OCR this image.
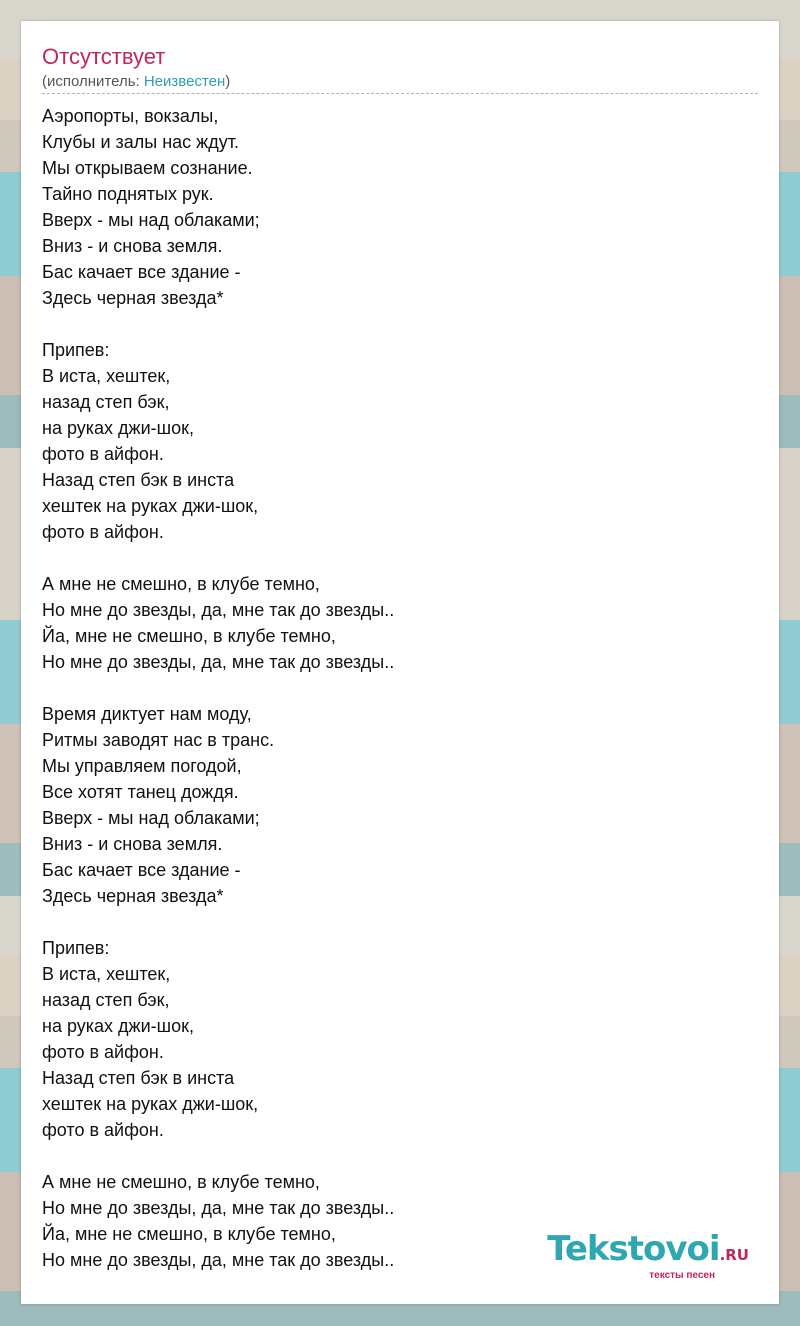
Отсутствует
(исполнитель: Неизвестен)
Аэропорты, вокзалы,
Клубы и залы нас ждут.
Мы открываем сознание.
Тайно поднятых рук.
Вверх - мы над облаками;
Вниз - и снова земля.
Бас качает все здание -
Здесь черная звезда*
Припев:
В иста, хештек,
назад степ бэк,
на руках джи-шок,
фото в айфон.
Назад степ бэк в инста
хештек на руках джи-шок,
фото в айфон.
А мне не смешно, в клубе темно,
Но мне до звезды, да, мне так до звезды..
Йа, мне не смешно, в клубе темно,
Но мне до звезды, да, мне так до звезды..
Время диктует нам моду,
Ритмы заводят нас в транс.
Мы управляем погодой,
Все хотят танец дождя.
Вверх - мы над облаками;
Вниз - и снова земля.
Бас качает все здание -
Здесь черная звезда*
Припев:
В иста, хештек,
назад степ бэк,
на руках джи-шок,
фото в айфон.
Назад степ бэк в инста
хештек на руках джи-шок,
фото в айфон.
А мне не смешно, в клубе темно,
Но мне до звезды, да, мне так до звезды..
Йа, мне не смешно, в клубе темно,
Но мне до звезды, да, мне так до звезды..	Tekstovoi.RU
тексты песен
